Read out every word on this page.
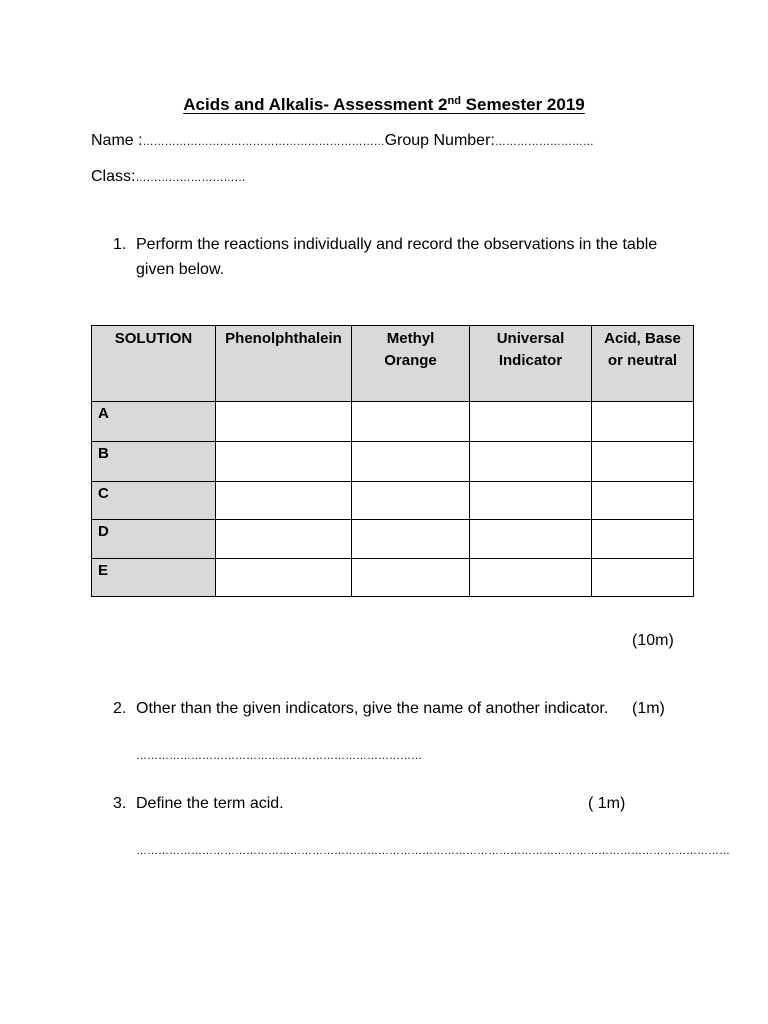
Acids and Alkalis- Assessment 2nd Semester 2019
Name :…………………………………………………………Group Number:………………………
Class:…………………………
1. Perform the reactions individually and record the observations in the table given below.
SOLUTION	Phenolphthalein	Methyl Orange	Universal Indicator	Acid, Base or neutral
A				
B				
C				
D				
E				
(10m)
2. Other than the given indicators, give the name of another indicator. (1m)
……………………………………………………………………
3. Define the term acid.	( 1m)
………………………………………………………………………………………………………………………………………………
